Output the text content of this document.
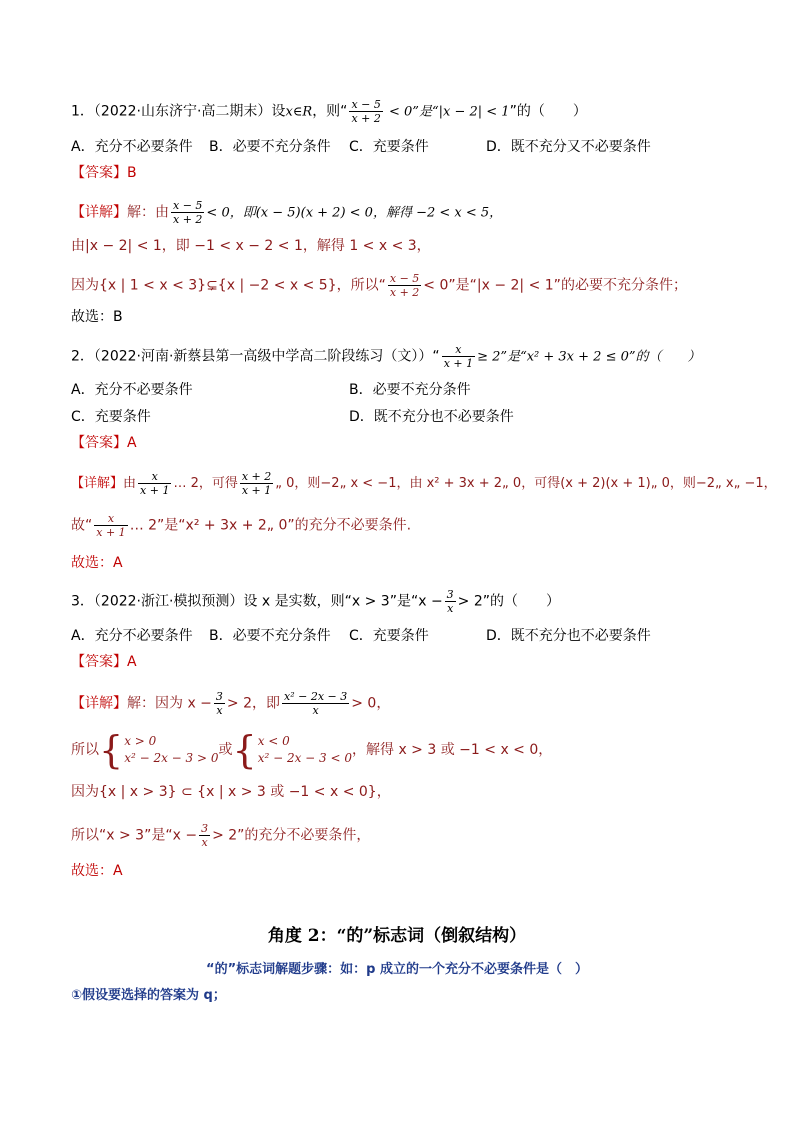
1．（2022·山东济宁·高二期末）设x∈R，则“ $\frac{x - 5}{x + 2} < 0$”是“|x − 2| < 1”的（　　）
A．充分不必要条件 B．必要不充分条件 C．充要条件	D．既不充分又不必要条件
【答案】B
【详解】解：由 $\frac{x - 5}{x + 2} < 0$，即(x − 5)(x + 2) < 0，解得 −2 < x < 5，
由|x − 2| < 1，即 −1 < x − 2 < 1，解得 1 < x < 3，
因为{x | 1 < x < 3}⊊{x | −2 < x < 5}，所以“ $\frac{x - 5}{x + 2} < 0$”是“|x − 2| < 1”的必要不充分条件；
故选：B
2．（2022·河南·新蔡县第一高级中学高二阶段练习（文））“ $\frac{x}{x + 1} \ge 2$”是“x² + 3x + 2 ≤ 0”的（　　）
A．充分不必要条件	B．必要不充分条件
C．充要条件	D．既不充分也不必要条件
【答案】A
【详解】由 $\frac{x}{x + 1}$ … 2，可得 $\frac{x + 2}{x + 1}$ „ 0，则−2„ x < −1，由 x² + 3x + 2„ 0，可得(x + 2)(x + 1)„ 0，则−2„ x„ −1，
故“ $\frac{x}{x + 1}$ … 2”是“x² + 3x + 2„ 0”的充分不必要条件.
故选：A
3．（2022·浙江·模拟预测）设 x 是实数，则“x > 3”是“$x - \frac{3}{x} > 2$”的（　　）
A．充分不必要条件 B．必要不充分条件 C．充要条件	D．既不充分也不必要条件
【答案】A
【详解】解：因为 $x - \frac{3}{x} > 2$，即 $\frac{\text{x² − 2x − 3}}{x} > 0$，
所以{ x > 0
x² − 2x − 3 > 0 或{ x < 0
x² − 2x − 3 < 0 ，解得 x > 3 或 −1 < x < 0，
因为{x | x > 3} ⊂ {x | x > 3 或 −1 < x < 0}，
所以“x > 3”是“$x - \frac{3}{x} > 2$”的充分不必要条件，
故选：A
角度 2：“的”标志词（倒叙结构）
“的”标志词解题步骤：如：p 成立的一个充分不必要条件是（　）
①假设要选择的答案为 q；
